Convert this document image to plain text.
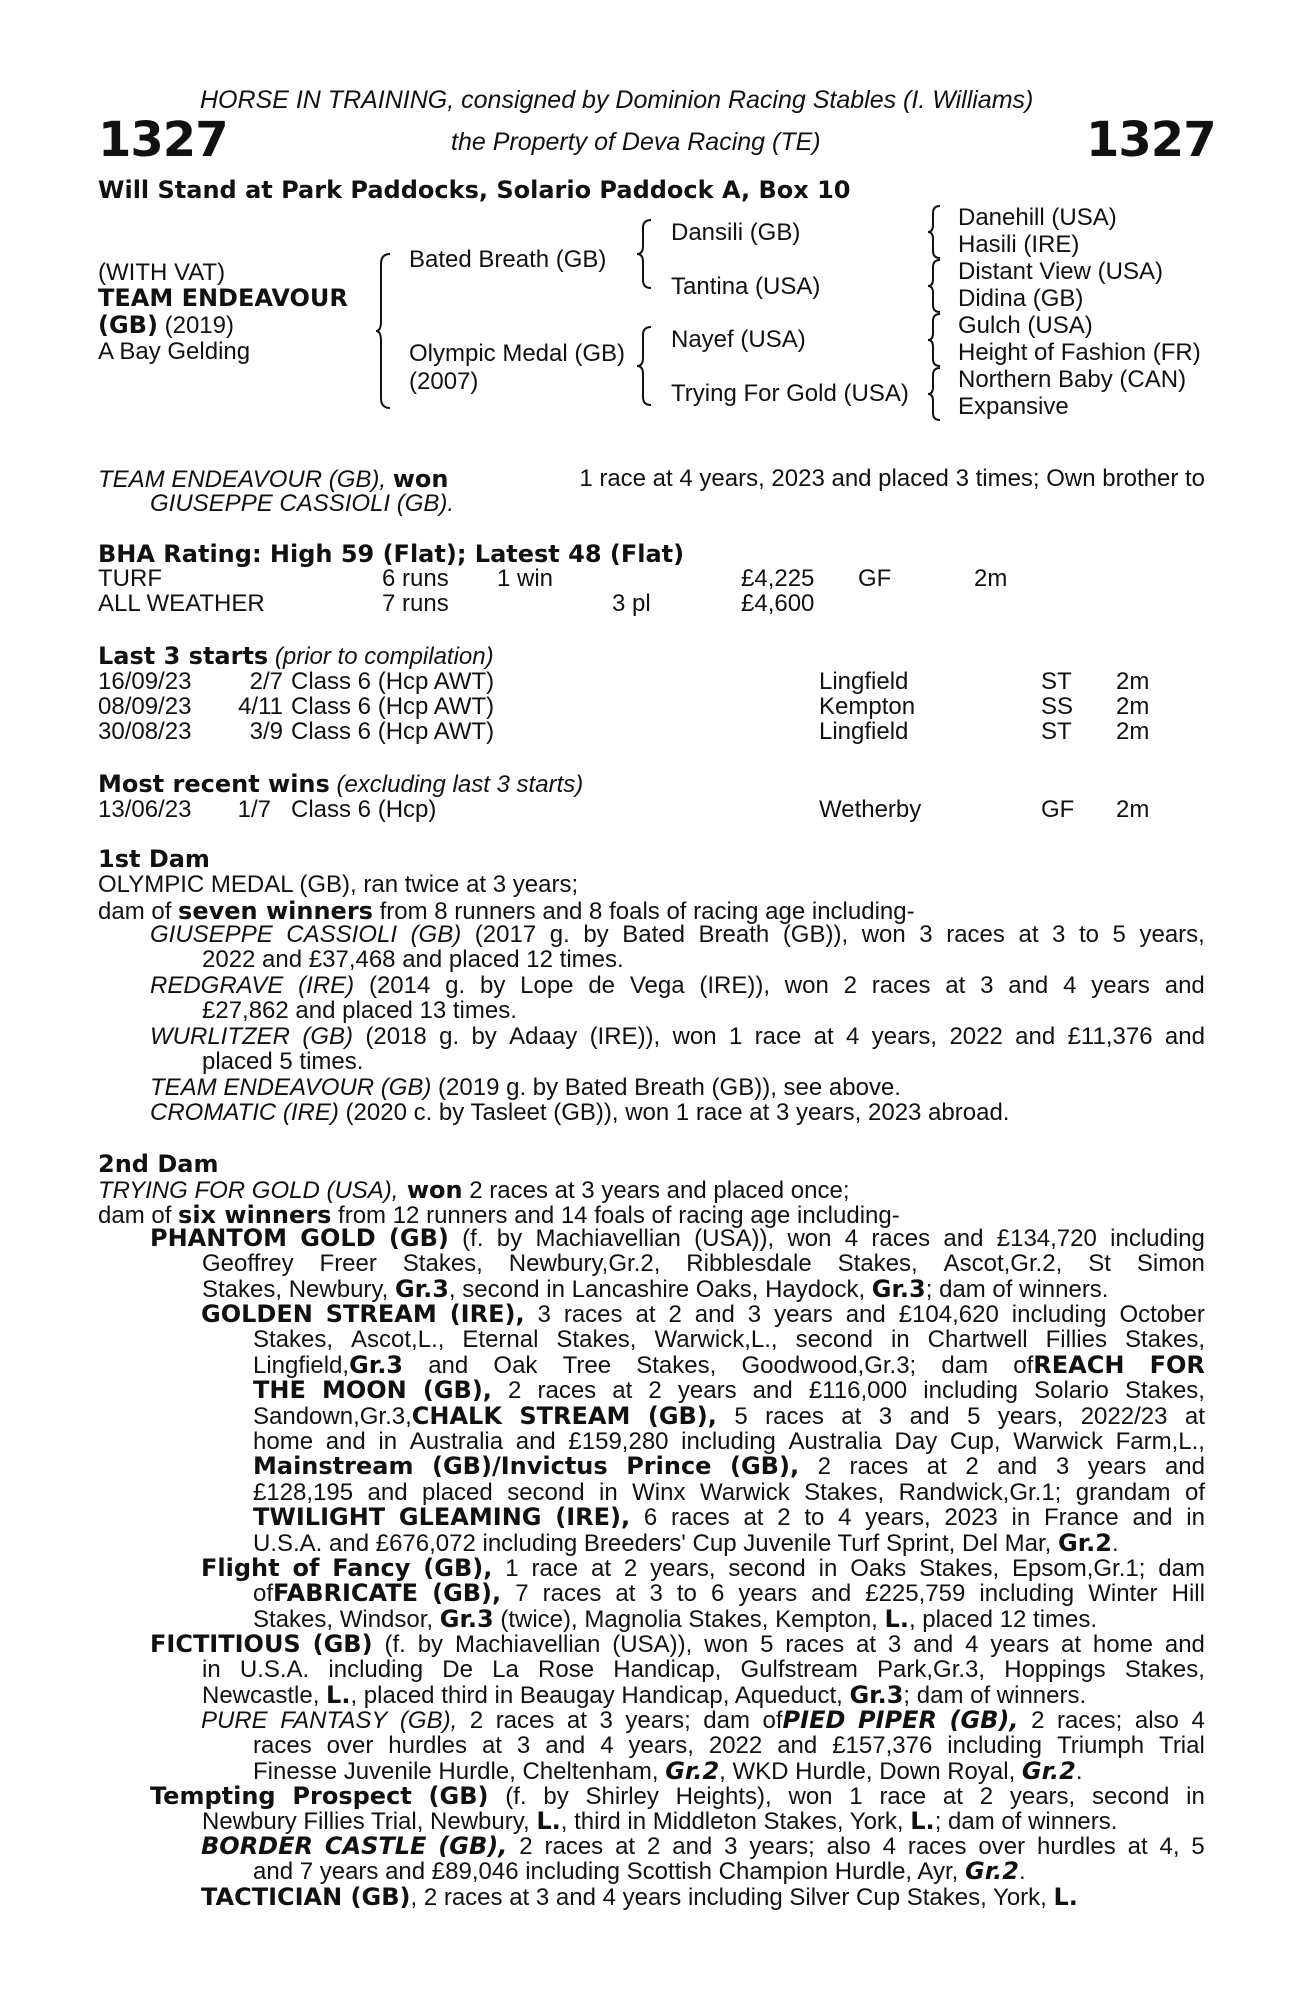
HORSE IN TRAINING, consigned by Dominion Racing Stables (I. Williams)
1327	the Property of Deva Racing (TE)	1327
Will Stand at Park Paddocks, Solario Paddock A, Box 10
(WITH VAT)
TEAM ENDEAVOUR
(GB) (2019)
A Bay Gelding
Bated Breath (GB)
Olympic Medal (GB)
(2007)
Dansili (GB)
Tantina (USA)
Nayef (USA)
Trying For Gold (USA)
Danehill (USA)
Hasili (IRE)
Distant View (USA)
Didina (GB)
Gulch (USA)
Height of Fashion (FR)
Northern Baby (CAN)
Expansive
TEAM ENDEAVOUR (GB), won	1 race at 4 years, 2023 and placed 3 times; Own brother to
GIUSEPPE CASSIOLI (GB).
BHA Rating: High 59 (Flat); Latest 48 (Flat)
TURF	6 runs 1 win	£4,225 GF	2m
ALL WEATHER	7 runs	3 pl	£4,600
Last 3 starts (prior to compilation)
16/09/23 2/7 Class 6 (Hcp AWT)	Lingfield	ST 2m
08/09/23 4/11 Class 6 (Hcp AWT)	Kempton	SS 2m
30/08/23 3/9 Class 6 (Hcp AWT)	Lingfield	ST 2m
Most recent wins (excluding last 3 starts)
13/06/23 1/7 Class 6 (Hcp)	Wetherby	GF 2m
1st Dam
OLYMPIC MEDAL (GB), ran twice at 3 years;
dam of seven winners from 8 runners and 8 foals of racing age including-
GIUSEPPE CASSIOLI (GB) (2017 g. by Bated Breath (GB)), won 3 races at 3 to 5 years,
2022 and £37,468 and placed 12 times.
REDGRAVE (IRE) (2014 g. by Lope de Vega (IRE)), won 2 races at 3 and 4 years and
£27,862 and placed 13 times.
WURLITZER (GB) (2018 g. by Adaay (IRE)), won 1 race at 4 years, 2022 and £11,376 and
placed 5 times.
TEAM ENDEAVOUR (GB) (2019 g. by Bated Breath (GB)), see above.
CROMATIC (IRE) (2020 c. by Tasleet (GB)), won 1 race at 3 years, 2023 abroad.
2nd Dam
TRYING FOR GOLD (USA), won 2 races at 3 years and placed once;
dam of six winners from 12 runners and 14 foals of racing age including-
PHANTOM GOLD (GB) (f. by Machiavellian (USA)), won 4 races and £134,720 including
Geoffrey Freer Stakes, Newbury,Gr.2, Ribblesdale Stakes, Ascot,Gr.2, St Simon
Stakes, Newbury, Gr.3, second in Lancashire Oaks, Haydock, Gr.3; dam of winners.
GOLDEN STREAM (IRE), 3 races at 2 and 3 years and £104,620 including October
Stakes, Ascot,L., Eternal Stakes, Warwick,L., second in Chartwell Fillies Stakes,
Lingfield,Gr.3 and Oak Tree Stakes, Goodwood,Gr.3; dam ofREACH FOR
THE MOON (GB), 2 races at 2 years and £116,000 including Solario Stakes,
Sandown,Gr.3,CHALK STREAM (GB), 5 races at 3 and 5 years, 2022/23 at
home and in Australia and £159,280 including Australia Day Cup, Warwick Farm,L.,
Mainstream (GB)/Invictus Prince (GB), 2 races at 2 and 3 years and
£128,195 and placed second in Winx Warwick Stakes, Randwick,Gr.1; grandam of
TWILIGHT GLEAMING (IRE), 6 races at 2 to 4 years, 2023 in France and in
U.S.A. and £676,072 including Breeders' Cup Juvenile Turf Sprint, Del Mar, Gr.2.
Flight of Fancy (GB), 1 race at 2 years, second in Oaks Stakes, Epsom,Gr.1; dam
ofFABRICATE (GB), 7 races at 3 to 6 years and £225,759 including Winter Hill
Stakes, Windsor, Gr.3 (twice), Magnolia Stakes, Kempton, L., placed 12 times.
FICTITIOUS (GB) (f. by Machiavellian (USA)), won 5 races at 3 and 4 years at home and
in U.S.A. including De La Rose Handicap, Gulfstream Park,Gr.3, Hoppings Stakes,
Newcastle, L., placed third in Beaugay Handicap, Aqueduct, Gr.3; dam of winners.
PURE FANTASY (GB), 2 races at 3 years; dam ofPIED PIPER (GB), 2 races; also 4
races over hurdles at 3 and 4 years, 2022 and £157,376 including Triumph Trial
Finesse Juvenile Hurdle, Cheltenham, Gr.2, WKD Hurdle, Down Royal, Gr.2.
Tempting Prospect (GB) (f. by Shirley Heights), won 1 race at 2 years, second in
Newbury Fillies Trial, Newbury, L., third in Middleton Stakes, York, L.; dam of winners.
BORDER CASTLE (GB), 2 races at 2 and 3 years; also 4 races over hurdles at 4, 5
and 7 years and £89,046 including Scottish Champion Hurdle, Ayr, Gr.2.
TACTICIAN (GB), 2 races at 3 and 4 years including Silver Cup Stakes, York, L.
